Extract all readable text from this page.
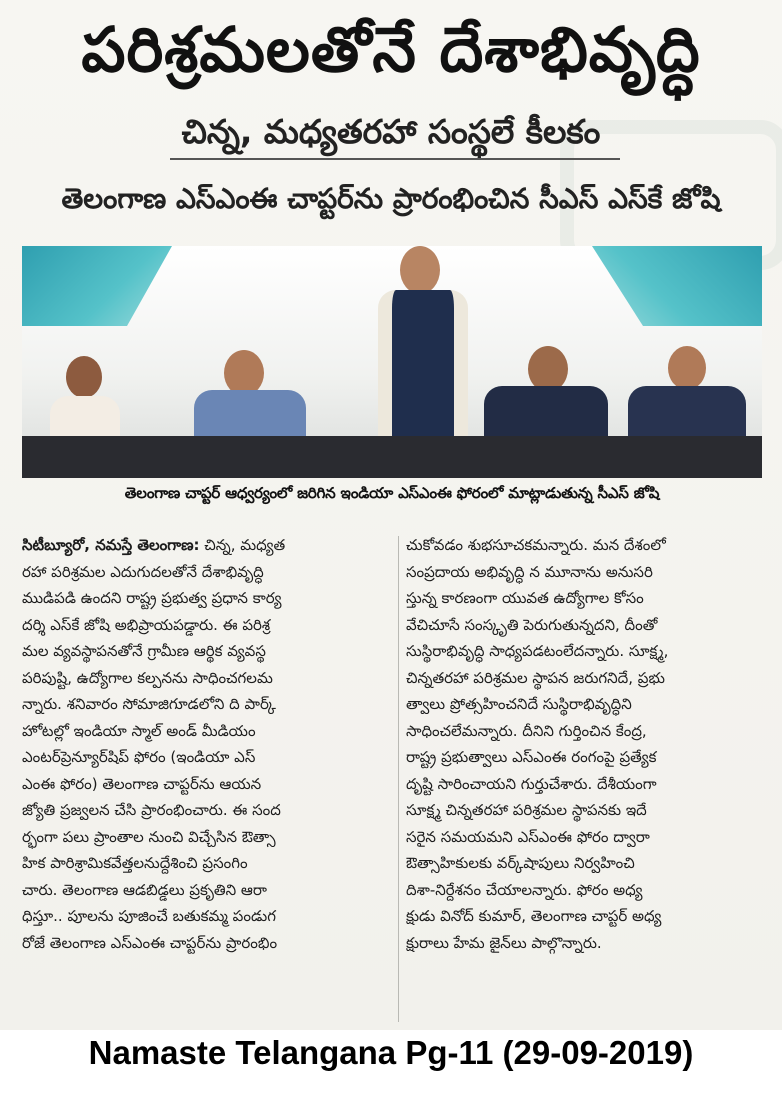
పరిశ్రమలతోనే దేశాభివృద్ధి
చిన్న, మధ్యతరహా సంస్థలే కీలకం
తెలంగాణ ఎస్‌ఎంఈ చాప్టర్‌ను ప్రారంభించిన సీఎస్ ఎస్‌కే జోషి
తెలంగాణ చాప్టర్ ఆధ్వర్యంలో జరిగిన ఇండియా ఎస్‌ఎంఈ ఫోరంలో మాట్లాడుతున్న సీఎస్ జోషి
సిటీబ్యూరో, నమస్తే తెలంగాణ: చిన్న, మధ్యత
రహా పరిశ్రమల ఎదుగుదలతోనే దేశాభివృద్ధి
ముడిపడి ఉందని రాష్ట్ర ప్రభుత్వ ప్రధాన కార్య
దర్శి ఎస్‌కే జోషి అభిప్రాయపడ్డారు. ఈ పరిశ్ర
మల వ్యవస్థాపనతోనే గ్రామీణ ఆర్థిక వ్యవస్థ
పరిపుష్టి, ఉద్యోగాల కల్పనను సాధించగలమ
న్నారు. శనివారం సోమాజిగూడలోని ది పార్క్
హోటల్లో ఇండియా స్మాల్ అండ్ మీడియం
ఎంటర్‌ప్రెన్యూర్‌షిప్ ఫోరం (ఇండియా ఎస్
ఎంఈ ఫోరం) తెలంగాణ చాప్టర్‌ను ఆయన
జ్యోతి ప్రజ్వలన చేసి ప్రారంభించారు. ఈ సంద
ర్భంగా పలు ప్రాంతాల నుంచి విచ్చేసిన ఔత్సా
హిక పారిశ్రామికవేత్తలనుద్దేశించి ప్రసంగిం
చారు. తెలంగాణ ఆడబిడ్డలు ప్రకృతిని ఆరా
ధిస్తూ.. పూలను పూజించే బతుకమ్మ పండుగ
రోజే తెలంగాణ ఎస్‌ఎంఈ చాప్టర్‌ను ప్రారంభిం
చుకోవడం శుభసూచకమన్నారు. మన దేశంలో
సంప్రదాయ అభివృద్ధి న మూనాను అనుసరి
స్తున్న కారణంగా యువత ఉద్యోగాల కోసం
వేచిచూసే సంస్కృతి పెరుగుతున్నదని, దీంతో
సుస్థిరాభివృద్ధి సాధ్యపడటంలేదన్నారు. సూక్ష్మ,
చిన్నతరహా పరిశ్రమల స్థాపన జరుగనిదే, ప్రభు
త్వాలు ప్రోత్సహించనిదే సుస్థిరాభివృద్ధిని
సాధించలేమన్నారు. దీనిని గుర్తించిన కేంద్ర,
రాష్ట్ర ప్రభుత్వాలు ఎస్‌ఎంఈ రంగంపై ప్రత్యేక
దృష్టి సారించాయని గుర్తుచేశారు. దేశీయంగా
సూక్ష్మ చిన్నతరహా పరిశ్రమల స్థాపనకు ఇదే
సరైన సమయమని ఎస్‌ఎంఈ ఫోరం ద్వారా
ఔత్సాహికులకు వర్క్‌షాపులు నిర్వహించి
దిశా-నిర్దేశనం చేయాలన్నారు. ఫోరం అధ్య
క్షుడు వినోద్ కుమార్, తెలంగాణ చాప్టర్ అధ్య
క్షురాలు హేమ జైన్‌లు పాల్గొన్నారు.
Namaste Telangana Pg-11 (29-09-2019)
